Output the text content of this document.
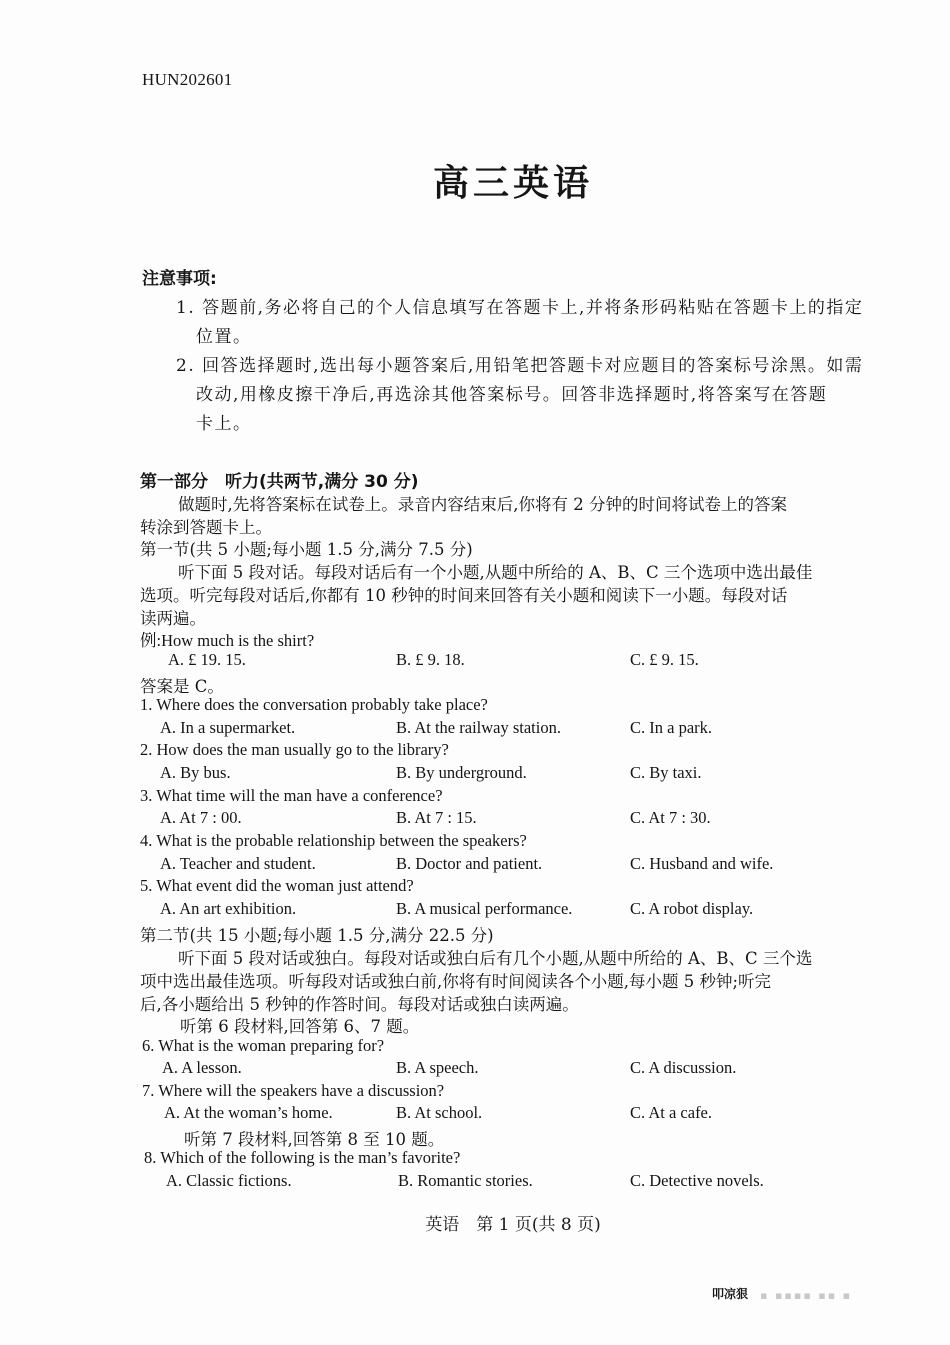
HUN202601
高三英语
注意事项:
1. 答题前,务必将自己的个人信息填写在答题卡上,并将条形码粘贴在答题卡上的指定
位置。
2. 回答选择题时,选出每小题答案后,用铅笔把答题卡对应题目的答案标号涂黑。如需
改动,用橡皮擦干净后,再选涂其他答案标号。回答非选择题时,将答案写在答题
卡上。
第一部分　听力(共两节,满分 30 分)
做题时,先将答案标在试卷上。录音内容结束后,你将有 2 分钟的时间将试卷上的答案
转涂到答题卡上。
第一节(共 5 小题;每小题 1.5 分,满分 7.5 分)
听下面 5 段对话。每段对话后有一个小题,从题中所给的 A、B、C 三个选项中选出最佳
选项。听完每段对话后,你都有 10 秒钟的时间来回答有关小题和阅读下一小题。每段对话
读两遍。
例:How much is the shirt?
A. £ 19. 15.	B. £ 9. 18.	C. £ 9. 15.
答案是 C。
1. Where does the conversation probably take place?
A. In a supermarket.	B. At the railway station.	C. In a park.
2. How does the man usually go to the library?
A. By bus.	B. By underground.	C. By taxi.
3. What time will the man have a conference?
A. At 7 : 00.	B. At 7 : 15.	C. At 7 : 30.
4. What is the probable relationship between the speakers?
A. Teacher and student.	B. Doctor and patient.	C. Husband and wife.
5. What event did the woman just attend?
A. An art exhibition.	B. A musical performance.	C. A robot display.
第二节(共 15 小题;每小题 1.5 分,满分 22.5 分)
听下面 5 段对话或独白。每段对话或独白后有几个小题,从题中所给的 A、B、C 三个选
项中选出最佳选项。听每段对话或独白前,你将有时间阅读各个小题,每小题 5 秒钟;听完
后,各小题给出 5 秒钟的作答时间。每段对话或独白读两遍。
听第 6 段材料,回答第 6、7 题。
6. What is the woman preparing for?
A. A lesson.	B. A speech.	C. A discussion.
7. Where will the speakers have a discussion?
A. At the woman’s home.	B. At school.	C. At a cafe.
听第 7 段材料,回答第 8 至 10 题。
8. Which of the following is the man’s favorite?
A. Classic fictions.	B. Romantic stories.	C. Detective novels.
英语　第 1 页(共 8 页)
叩凉狠 ▪ ▪▪▪▪ ▪▪ ▪
